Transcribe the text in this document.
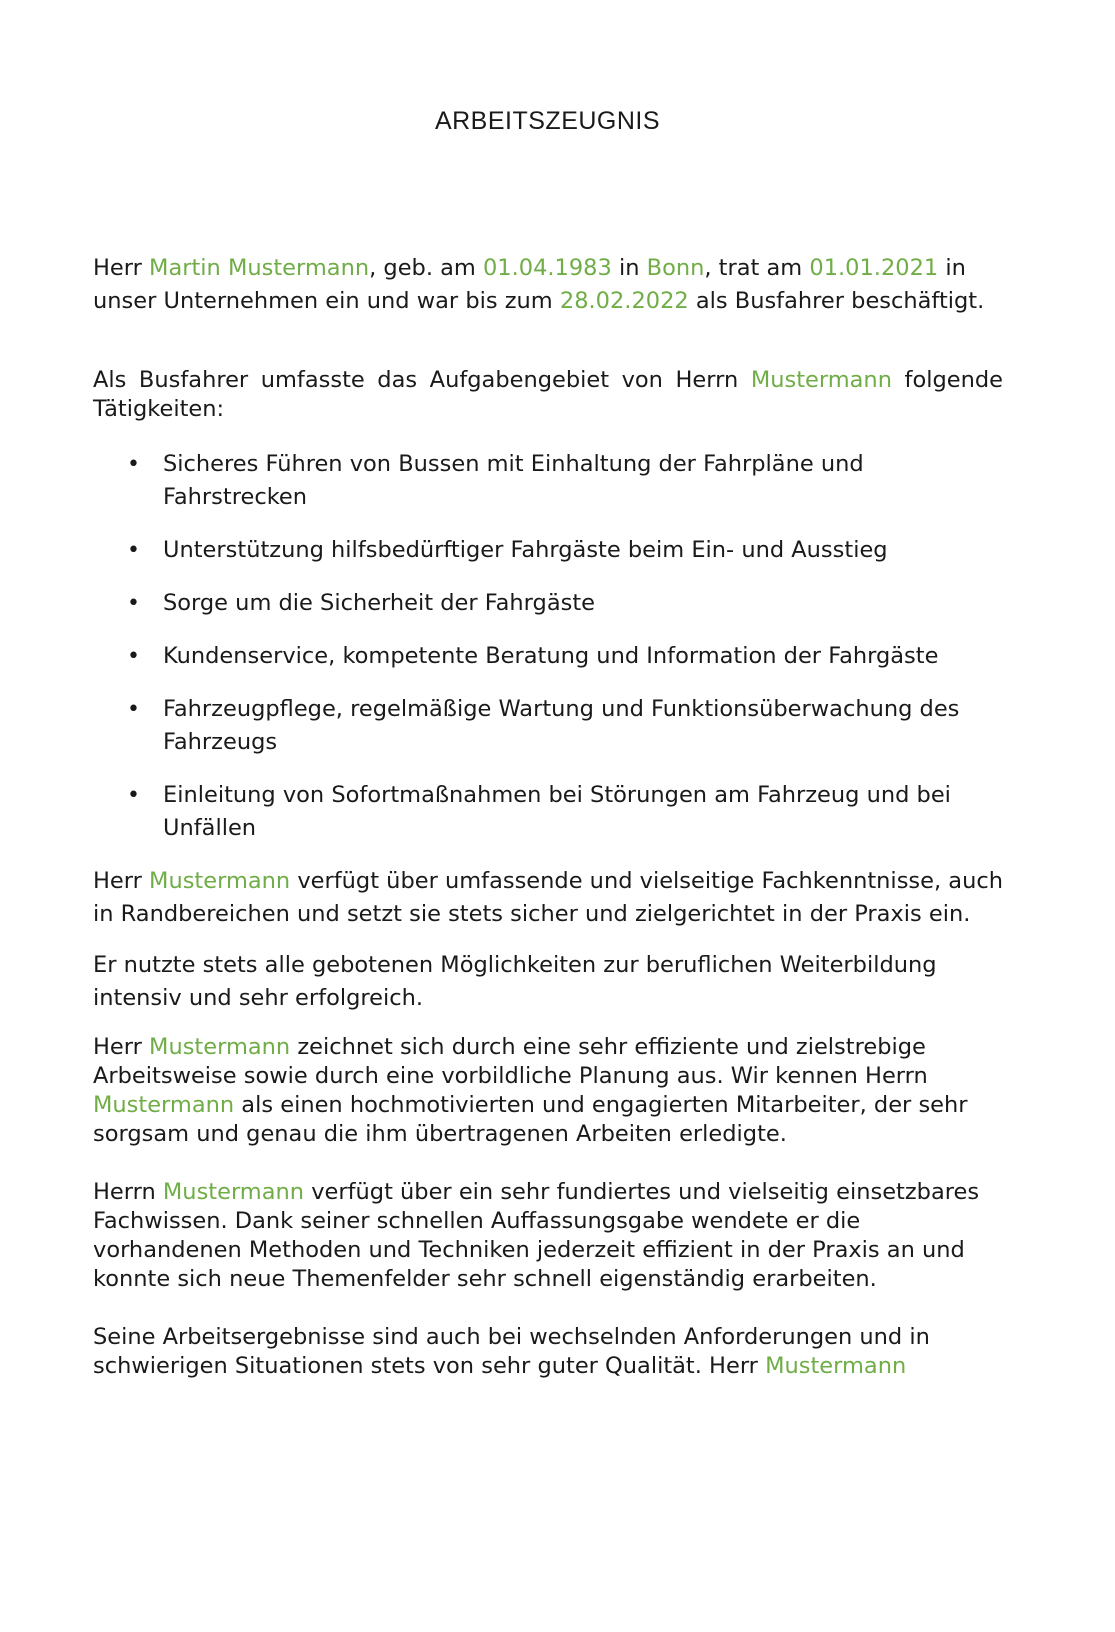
ARBEITSZEUGNIS

Herr Martin Mustermann, geb. am 01.04.1983 in Bonn, trat am 01.01.2021 in unser Unternehmen ein und war bis zum 28.02.2022 als Busfahrer beschäftigt.

Als Busfahrer umfasste das Aufgabengebiet von Herrn Mustermann folgende Tätigkeiten:

• Sicheres Führen von Bussen mit Einhaltung der Fahrpläne und Fahrstrecken
• Unterstützung hilfsbedürftiger Fahrgäste beim Ein- und Ausstieg
• Sorge um die Sicherheit der Fahrgäste
• Kundenservice, kompetente Beratung und Information der Fahrgäste
• Fahrzeugpflege, regelmäßige Wartung und Funktionsüberwachung des Fahrzeugs
• Einleitung von Sofortmaßnahmen bei Störungen am Fahrzeug und bei Unfällen

Herr Mustermann verfügt über umfassende und vielseitige Fachkenntnisse, auch in Randbereichen und setzt sie stets sicher und zielgerichtet in der Praxis ein.

Er nutzte stets alle gebotenen Möglichkeiten zur beruflichen Weiterbildung intensiv und sehr erfolgreich.

Herr Mustermann zeichnet sich durch eine sehr effiziente und zielstrebige Arbeitsweise sowie durch eine vorbildliche Planung aus. Wir kennen Herrn Mustermann als einen hochmotivierten und engagierten Mitarbeiter, der sehr sorgsam und genau die ihm übertragenen Arbeiten erledigte.

Herrn Mustermann verfügt über ein sehr fundiertes und vielseitig einsetzbares Fachwissen. Dank seiner schnellen Auffassungsgabe wendete er die vorhandenen Methoden und Techniken jederzeit effizient in der Praxis an und konnte sich neue Themenfelder sehr schnell eigenständig erarbeiten.

Seine Arbeitsergebnisse sind auch bei wechselnden Anforderungen und in schwierigen Situationen stets von sehr guter Qualität. Herr Mustermann
